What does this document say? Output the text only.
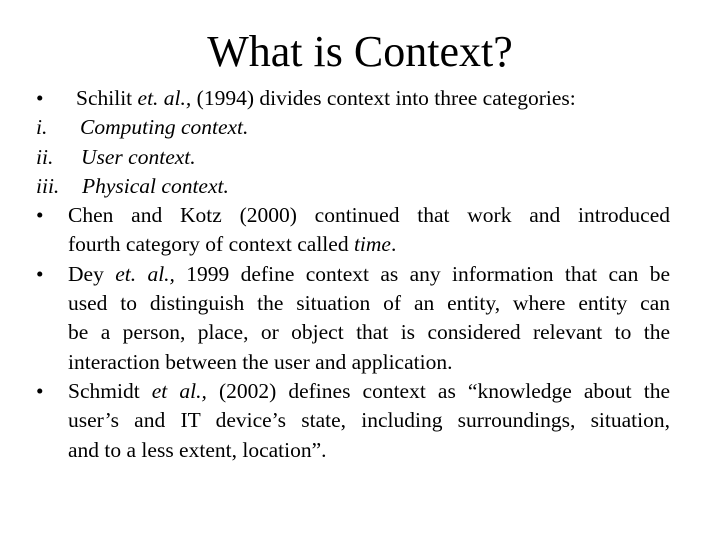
What is Context?
• Schilit et. al., (1994) divides context into three categories:
i. Computing context.
ii. User context.
iii. Physical context.
• Chen and Kotz (2000) continued that work and introduced
fourth category of context called time.
• Dey et. al., 1999 define context as any information that can be
used to distinguish the situation of an entity, where entity can
be a person, place, or object that is considered relevant to the
interaction between the user and application.
• Schmidt et al., (2002) defines context as “knowledge about the
user’s and IT device’s state, including surroundings, situation,
and to a less extent, location”.
